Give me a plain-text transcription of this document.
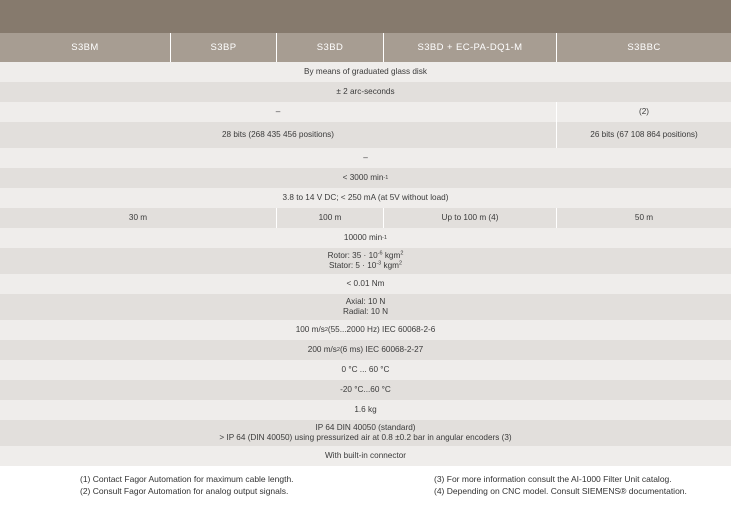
S3BM	S3BP	S3BD	S3BD + EC-PA-DQ1-M	S3BBC
By means of graduated glass disk
± 2 arc-seconds
–	(2)
28 bits (268 435 456 positions)	26 bits (67 108 864 positions)
–
< 3000 min -1
3.8 to 14 V DC; < 250 mA (at 5V without load)
30 m	100 m	Up to 100 m (4)	50 m
10000 min -1
Rotor: $35 \cdot 10^{-6}$ kgm$^2$
Stator: $5 \cdot 10^{-3}$ kgm$^2$
< 0.01 Nm
Axial: 10 N
Radial: 10 N
100 m/s 2 (55...2000 Hz) IEC 60068-2-6
200 m/s 2 (6 ms) IEC 60068-2-27
0 °C ... 60 °C
-20 °C...60 °C
1.6 kg
IP 64 DIN 40050 (standard)
> IP 64 (DIN 40050) using pressurized air at 0.8 ±0.2 bar in angular encoders (3)
With built-in connector
(1) Contact Fagor Automation for maximum cable length.
(2) Consult Fagor Automation for analog output signals.
(3) For more information consult the AI-1000 Filter Unit catalog.
(4) Depending on CNC model. Consult SIEMENS® documentation.
